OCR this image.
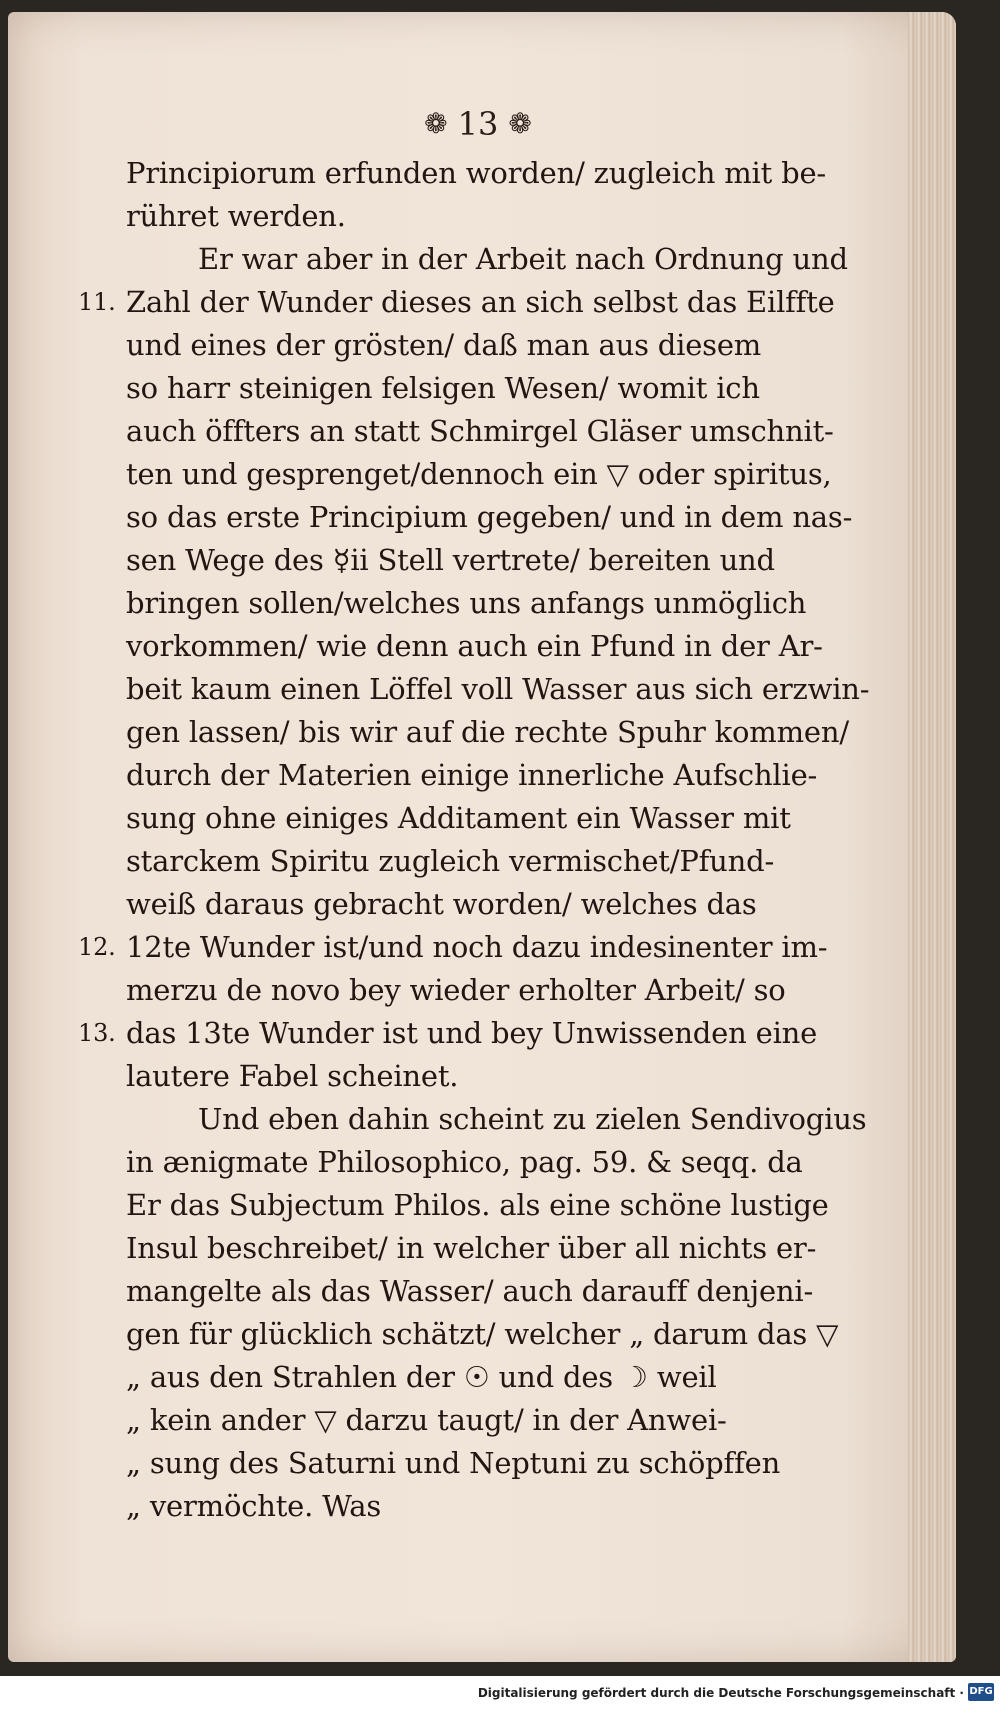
❁ 13 ❁
Principiorum erfunden worden/ zugleich mit be-
rühret werden.
Er war aber in der Arbeit nach Ordnung und
11. Zahl der Wunder dieses an sich selbst das Eilffte
und eines der grösten/ daß man aus diesem
so harr steinigen felsigen Wesen/ womit ich
auch öffters an statt Schmirgel Gläser umschnit-
ten und gesprenget/dennoch ein ▽ oder spiritus,
so das erste Principium gegeben/ und in dem nas-
sen Wege des ☿ii Stell vertrete/ bereiten und
bringen sollen/welches uns anfangs unmöglich
vorkommen/ wie denn auch ein Pfund in der Ar-
beit kaum einen Löffel voll Wasser aus sich erzwin-
gen lassen/ bis wir auf die rechte Spuhr kommen/
durch der Materien einige innerliche Aufschlie-
sung ohne einiges Additament ein Wasser mit
starckem Spiritu zugleich vermischet/Pfund-
weiß daraus gebracht worden/ welches das
12. 12te Wunder ist/und noch dazu indesinenter im-
merzu de novo bey wieder erholter Arbeit/ so
13. das 13te Wunder ist und bey Unwissenden eine
lautere Fabel scheinet.
Und eben dahin scheint zu zielen Sendivogius
in ænigmate Philosophico, pag. 59. & seqq. da
Er das Subjectum Philos. als eine schöne lustige
Insul beschreibet/ in welcher über all nichts er-
mangelte als das Wasser/ auch darauff denjeni-
gen für glücklich schätzt/ welcher „ darum das ▽
„ aus den Strahlen der ☉ und des ☽ weil
„ kein ander ▽ darzu taugt/ in der Anwei-
„ sung des Saturni und Neptuni zu schöpffen
„ vermöchte. Was
Digitalisierung gefördert durch die Deutsche Forschungsgemeinschaft · DFG
